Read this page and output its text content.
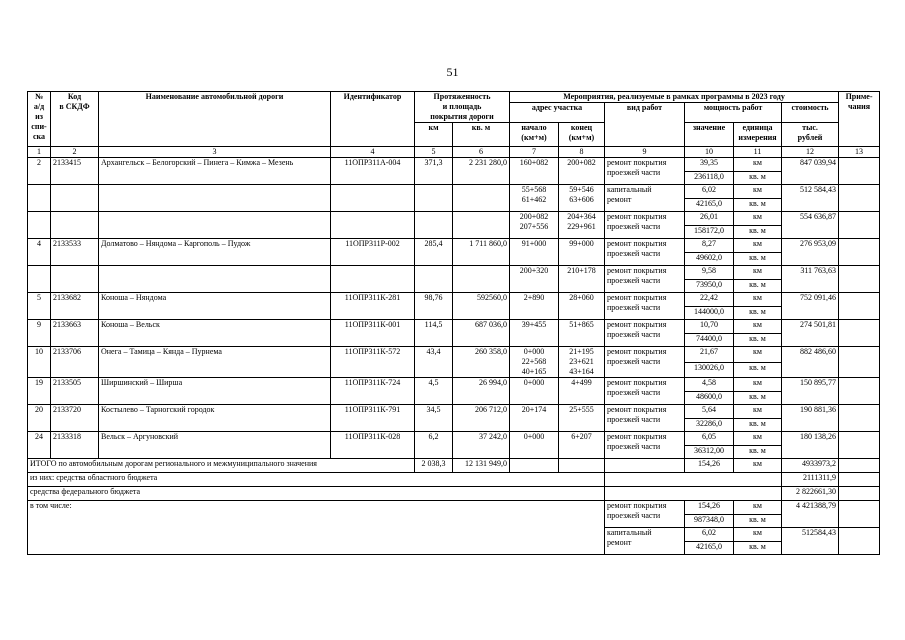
51
№
а/д
из
спи-
ска	Код
в СКДФ	Наименование автомобильной дороги	Идентификатор	Протяженность
и площадь
покрытия дороги		Мероприятия, реализуемые в рамках программы в 2023 году						Приме-
чания
						адрес участка		вид работ	мощность работ		стоимость	
				км	кв. м	начало
(км+м)	конец
(км+м)		значение	единица
измерения	тыс.
рублей	

1	2	3	4	5	6	7	8	9	10	11	12	13
2	2133415	Архангельск – Белогорский – Пинега – Кимжа – Мезень	11ОПР311А-004	371,3	2 231 280,0	160+082	200+082	ремонт покрытия
проезжей части	39,35	км	847 039,94	
									236118,0	кв. м		
						55+568
61+462	59+546
63+606	капитальный
ремонт	6,02	км	512 584,43	
									42165,0	кв. м		
						200+082
207+556	204+364
229+961	ремонт покрытия
проезжей части	26,01	км	554 636,87	
									158172,0	кв. м		
4	2133533	Долматово – Няндома – Каргополь – Пудож	11ОПР311Р-002	285,4	1 711 860,0	91+000	99+000	ремонт покрытия
проезжей части	8,27	км	276 953,09	
									49602,0	кв. м		
						200+320	210+178	ремонт покрытия
проезжей части	9,58	км	311 763,63	
									73950,0	кв. м		
5	2133682	Коноша – Няндома	11ОПР311К-281	98,76	592560,0	2+890	28+060	ремонт покрытия
проезжей части	22,42	км	752 091,46	
									144000,0	кв. м		
9	2133663	Коноша – Вельск	11ОПР311К-001	114,5	687 036,0	39+455	51+865	ремонт покрытия
проезжей части	10,70	км	274 501,81	
									74400,0	кв. м		
10	2133706	Онега – Тамица – Кянда – Пурнема	11ОПР311К-572	43,4	260 358,0	0+000
22+568
40+165	21+195
23+621
43+164	ремонт покрытия
проезжей части	21,67	км	882 486,60	
									130026,0	кв. м		
19	2133505	Ширшинский – Ширша	11ОПР311К-724	4,5	26 994,0	0+000	4+499	ремонт покрытия
проезжей части	4,58	км	150 895,77	
									48600,0	кв. м		
20	2133720	Костылево – Тарногский городок	11ОПР311К-791	34,5	206 712,0	20+174	25+555	ремонт покрытия
проезжей части	5,64	км	190 881,36	
									32286,0	кв. м		
24	2133318	Вельск – Аргуновский	11ОПР311К-028	6,2	37 242,0	0+000	6+207	ремонт покрытия
проезжей части	6,05	км	180 138,26	
									36312,00	кв. м		
ИТОГО по автомобильным дорогам регионального и межмуниципального значения				2 038,3	12 131 949,0				154,26	км	4933973,2	
из них: средства областного бюджета											2111311,9	
средства федерального бюджета											2 822661,30	
в том числе:								ремонт покрытия
проезжей части	154,26	км	4 421388,79	
									987348,0	кв. м		
								капитальный
ремонт	6,02	км	512584,43	
									42165,0	кв. м		
